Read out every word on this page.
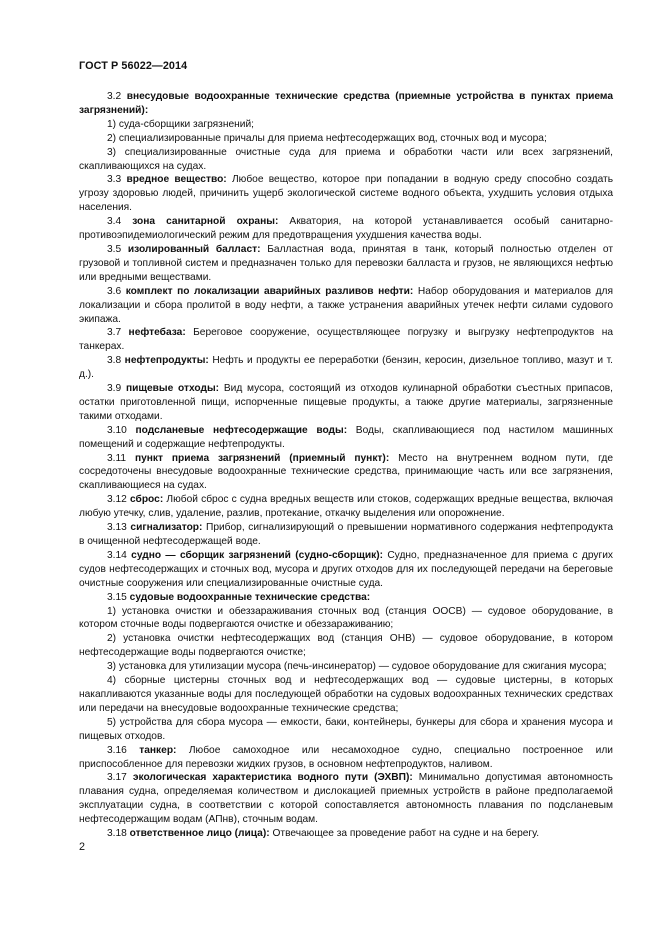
ГОСТ Р 56022—2014

3.2 внесудовые водоохранные технические средства (приемные устройства в пунктах приема загрязнений):

1) суда-сборщики загрязнений;

2) специализированные причалы для приема нефтесодержащих вод, сточных вод и мусора;

3) специализированные очистные суда для приема и обработки части или всех загрязнений, скапливающихся на судах.

3.3 вредное вещество: Любое вещество, которое при попадании в водную среду способно создать угрозу здоровью людей, причинить ущерб экологической системе водного объекта, ухудшить условия отдыха населения.

3.4 зона санитарной охраны: Акватория, на которой устанавливается особый санитарно-противоэпидемиологический режим для предотвращения ухудшения качества воды.

3.5 изолированный балласт: Балластная вода, принятая в танк, который полностью отделен от грузовой и топливной систем и предназначен только для перевозки балласта и грузов, не являющихся нефтью или вредными веществами.

3.6 комплект по локализации аварийных разливов нефти: Набор оборудования и материалов для локализации и сбора пролитой в воду нефти, а также устранения аварийных утечек нефти силами судового экипажа.

3.7 нефтебаза: Береговое сооружение, осуществляющее погрузку и выгрузку нефтепродуктов на танкерах.

3.8 нефтепродукты: Нефть и продукты ее переработки (бензин, керосин, дизельное топливо, мазут и т. д.).

3.9 пищевые отходы: Вид мусора, состоящий из отходов кулинарной обработки съестных припасов, остатки приготовленной пищи, испорченные пищевые продукты, а также другие материалы, загрязненные такими отходами.

3.10 подсланевые нефтесодержащие воды: Воды, скапливающиеся под настилом машинных помещений и содержащие нефтепродукты.

3.11 пункт приема загрязнений (приемный пункт): Место на внутреннем водном пути, где сосредоточены внесудовые водоохранные технические средства, принимающие часть или все загрязнения, скапливающиеся на судах.

3.12 сброс: Любой сброс с судна вредных веществ или стоков, содержащих вредные вещества, включая любую утечку, слив, удаление, разлив, протекание, откачку выделения или опорожнение.

3.13 сигнализатор: Прибор, сигнализирующий о превышении нормативного содержания нефтепродукта в очищенной нефтесодержащей воде.

3.14 судно — сборщик загрязнений (судно-сборщик): Судно, предназначенное для приема с других судов нефтесодержащих и сточных вод, мусора и других отходов для их последующей передачи на береговые очистные сооружения или специализированные очистные суда.

3.15 судовые водоохранные технические средства:

1) установка очистки и обеззараживания сточных вод (станция ООСВ) — судовое оборудование, в котором сточные воды подвергаются очистке и обеззараживанию;

2) установка очистки нефтесодержащих вод (станция ОНВ) — судовое оборудование, в котором нефтесодержащие воды подвергаются очистке;

3) установка для утилизации мусора (печь-инсинератор) — судовое оборудование для сжигания мусора;

4) сборные цистерны сточных вод и нефтесодержащих вод — судовые цистерны, в которых накапливаются указанные воды для последующей обработки на судовых водоохранных технических средствах или передачи на внесудовые водоохранные технические средства;

5) устройства для сбора мусора — емкости, баки, контейнеры, бункеры для сбора и хранения мусора и пищевых отходов.

3.16 танкер: Любое самоходное или несамоходное судно, специально построенное или приспособленное для перевозки жидких грузов, в основном нефтепродуктов, наливом.

3.17 экологическая характеристика водного пути (ЭХВП): Минимально допустимая автономность плавания судна, определяемая количеством и дислокацией приемных устройств в районе предполагаемой эксплуатации судна, в соответствии с которой сопоставляется автономность плавания по подсланевым нефтесодержащим водам (АПнв), сточным водам.

3.18 ответственное лицо (лица): Отвечающее за проведение работ на судне и на берегу.

2
